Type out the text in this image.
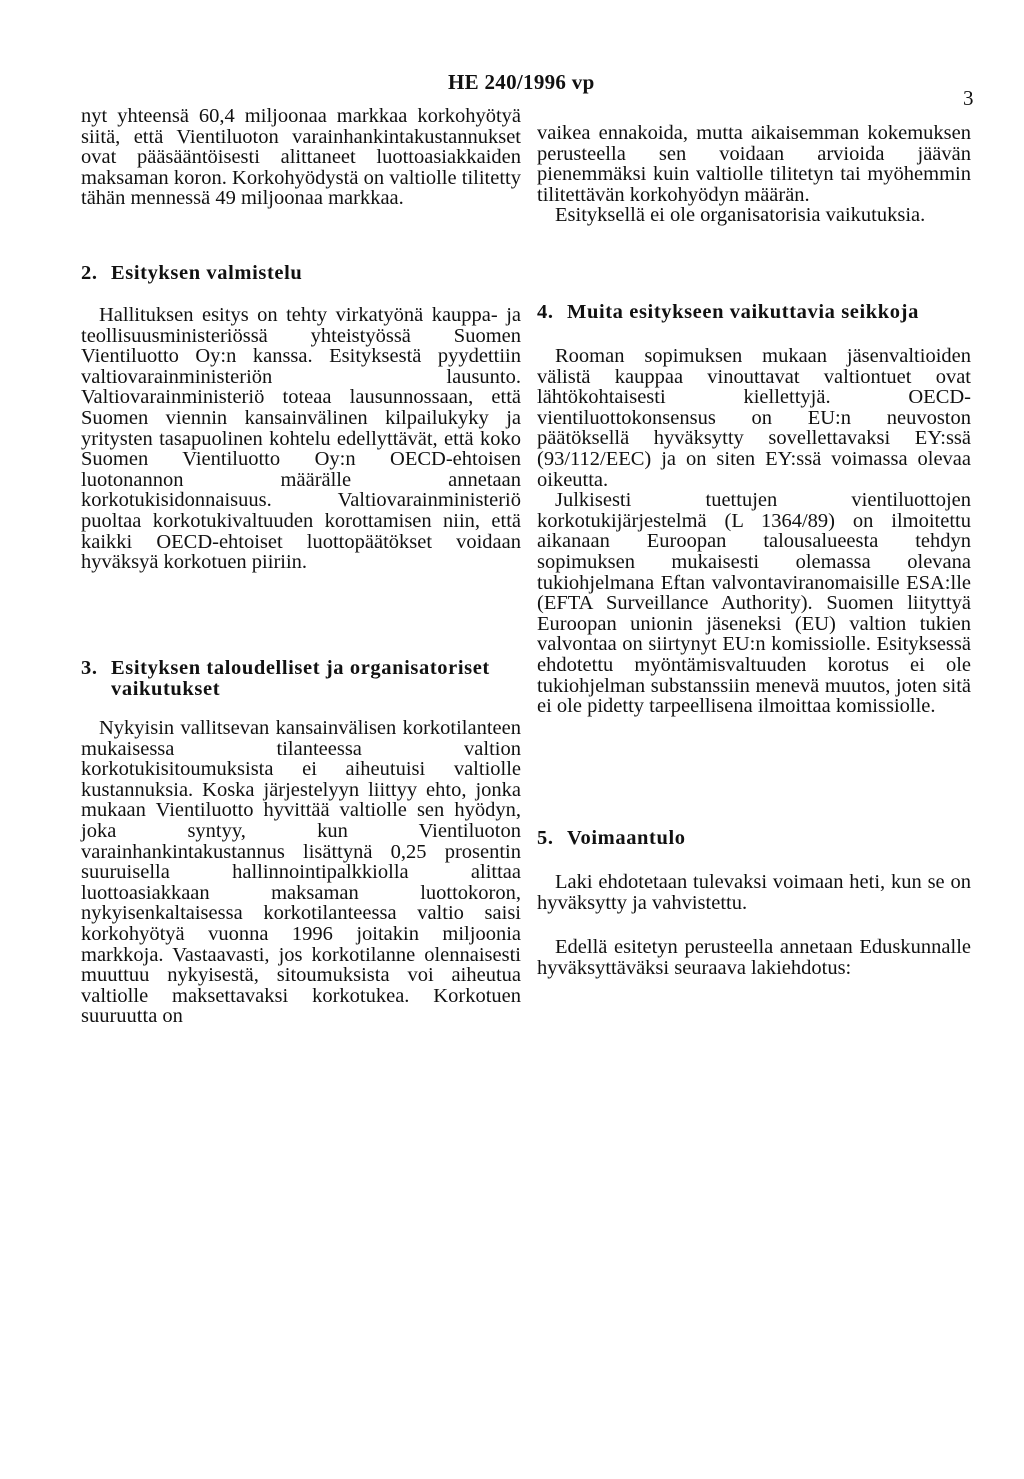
HE 240/1996 vp
3

nyt yhteensä 60,4 miljoonaa markkaa korkohyötyä siitä, että Vientiluoton varainhankintakustannukset ovat pääsääntöisesti alittaneet luottoasiakkaiden maksaman koron. Korkohyödystä on valtiolle tilitetty tähän mennessä 49 miljoonaa markkaa.

2. Esityksen valmistelu

Hallituksen esitys on tehty virkatyönä kauppa- ja teollisuusministeriössä yhteistyössä Suomen Vientiluotto Oy:n kanssa. Esityksestä pyydettiin valtiovarainministeriön lausunto. Valtiovarainministeriö toteaa lausunnossaan, että Suomen viennin kansainvälinen kilpailukyky ja yritysten tasapuolinen kohtelu edellyttävät, että koko Suomen Vientiluotto Oy:n OECD-ehtoisen luotonannon määrälle annetaan korkotukisidonnaisuus. Valtiovarainministeriö puoltaa korkotukivaltuuden korottamisen niin, että kaikki OECD-ehtoiset luottopäätökset voidaan hyväksyä korkotuen piiriin.

3. Esityksen taloudelliset ja organisatoriset vaikutukset

Nykyisin vallitsevan kansainvälisen korkotilanteen mukaisessa tilanteessa valtion korkotukisitoumuksista ei aiheutuisi valtiolle kustannuksia. Koska järjestelyyn liittyy ehto, jonka mukaan Vientiluotto hyvittää valtiolle sen hyödyn, joka syntyy, kun Vientiluoton varainhankintakustannus lisättynä 0,25 prosentin suuruisella hallinnointipalkkiolla alittaa luottoasiakkaan maksaman luottokoron, nykyisenkaltaisessa korkotilanteessa valtio saisi korkohyötyä vuonna 1996 joitakin miljoonia markkoja. Vastaavasti, jos korkotilanne olennaisesti muuttuu nykyisestä, sitoumuksista voi aiheutua valtiolle maksettavaksi korkotukea. Korkotuen suuruutta on

vaikea ennakoida, mutta aikaisemman kokemuksen perusteella sen voidaan arvioida jäävän pienemmäksi kuin valtiolle tilitetyn tai myöhemmin tilitettävän korkohyödyn määrän.

Esityksellä ei ole organisatorisia vaikutuksia.

4. Muita esitykseen vaikuttavia seikkoja

Rooman sopimuksen mukaan jäsenvaltioiden välistä kauppaa vinouttavat valtiontuet ovat lähtökohtaisesti kiellettyjä. OECD-vientiluottokonsensus on EU:n neuvoston päätöksellä hyväksytty sovellettavaksi EY:ssä (93/112/EEC) ja on siten EY:ssä voimassa olevaa oikeutta.

Julkisesti tuettujen vientiluottojen korkotukijärjestelmä (L 1364/89) on ilmoitettu aikanaan Euroopan talousalueesta tehdyn sopimuksen mukaisesti olemassa olevana tukiohjelmana Eftan valvontaviranomaisille ESA:lle (EFTA Surveillance Authority). Suomen liityttyä Euroopan unionin jäseneksi (EU) valtion tukien valvontaa on siirtynyt EU:n komissiolle. Esityksessä ehdotettu myöntämisvaltuuden korotus ei ole tukiohjelman substanssiin menevä muutos, joten sitä ei ole pidetty tarpeellisena ilmoittaa komissiolle.

5. Voimaantulo

Laki ehdotetaan tulevaksi voimaan heti, kun se on hyväksytty ja vahvistettu.

Edellä esitetyn perusteella annetaan Eduskunnalle hyväksyttäväksi seuraava lakiehdotus:
